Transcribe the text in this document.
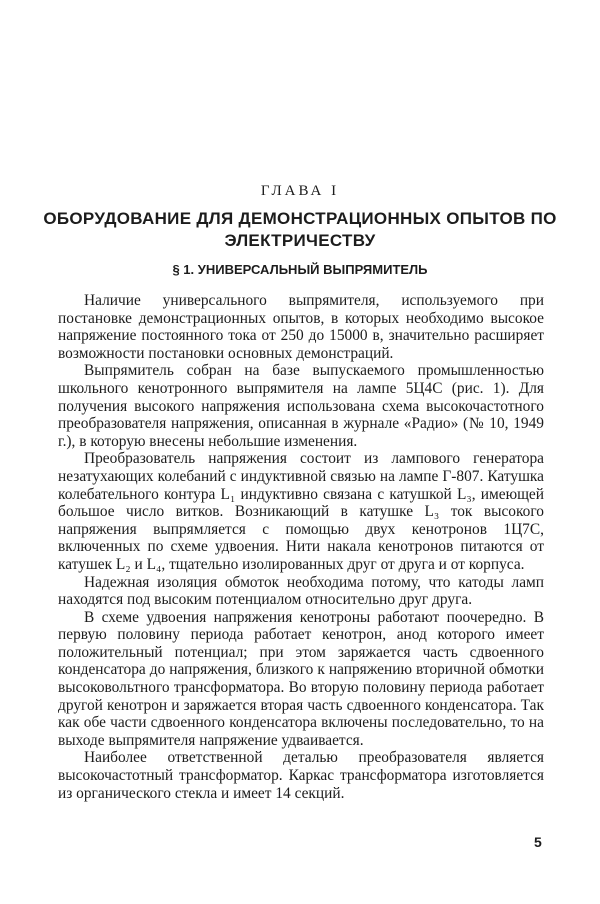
ГЛАВА I
ОБОРУДОВАНИЕ ДЛЯ ДЕМОНСТРАЦИОННЫХ ОПЫТОВ ПО ЭЛЕКТРИЧЕСТВУ
§ 1. УНИВЕРСАЛЬНЫЙ ВЫПРЯМИТЕЛЬ

Наличие универсального выпрямителя, используемого при постановке демонстрационных опытов, в которых необходимо высокое напряжение постоянного тока от 250 до 15000 в, значительно расширяет возможности постановки основных демонстраций.

Выпрямитель собран на базе выпускаемого промышленностью школьного кенотронного выпрямителя на лампе 5Ц4С (рис. 1). Для получения высокого напряжения использована схема высокочастотного преобразователя напряжения, описанная в журнале «Радио» (№ 10, 1949 г.), в которую внесены небольшие изменения.

Преобразователь напряжения состоит из лампового генератора незатухающих колебаний с индуктивной связью на лампе Г-807. Катушка колебательного контура L₁ индуктивно связана с катушкой L₃, имеющей большое число витков. Возникающий в катушке L₃ ток высокого напряжения выпрямляется с помощью двух кенотронов 1Ц7С, включенных по схеме удвоения. Нити накала кенотронов питаются от катушек L₂ и L₄, тщательно изолированных друг от друга и от корпуса.

Надежная изоляция обмоток необходима потому, что катоды ламп находятся под высоким потенциалом относительно друг друга.

В схеме удвоения напряжения кенотроны работают поочередно. В первую половину периода работает кенотрон, анод которого имеет положительный потенциал; при этом заряжается часть сдвоенного конденсатора до напряжения, близкого к напряжению вторичной обмотки высоковольтного трансформатора. Во вторую половину периода работает другой кенотрон и заряжается вторая часть сдвоенного конденсатора. Так как обе части сдвоенного конденсатора включены последовательно, то на выходе выпрямителя напряжение удваивается.

Наиболее ответственной деталью преобразователя является высокочастотный трансформатор. Каркас трансформатора изготовляется из органического стекла и имеет 14 секций.

5
